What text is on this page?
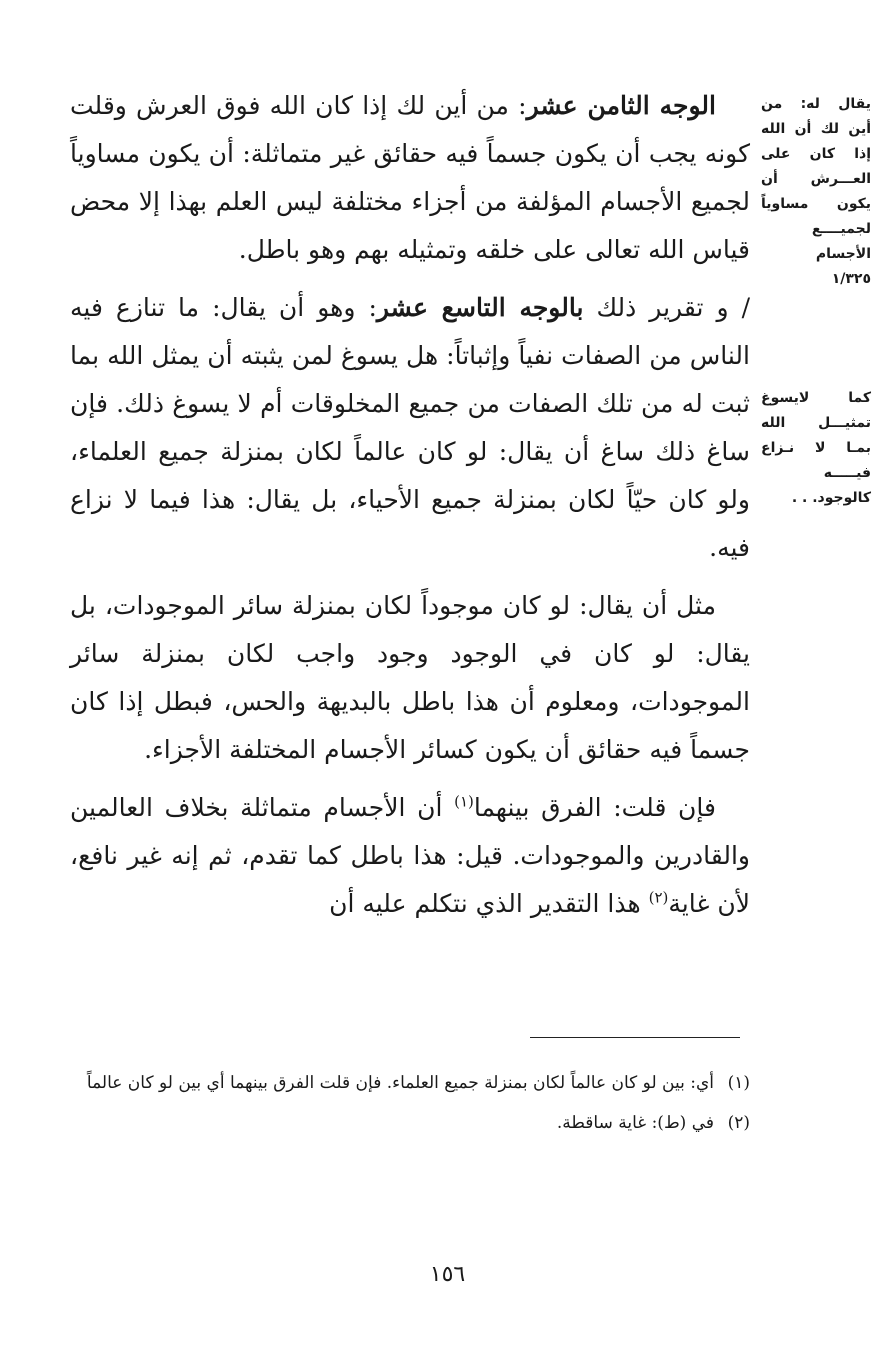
يقال له: من أين لك أن الله إذا كان على العـــرش أن يكون مساوياً لجميــــع الأجسام
١/٣٢٥
كما لايسوغ تمثيـــل الله بمـا لا نـزاع فيـــــه كالوجود. . .

الوجه الثامن عشر: من أين لك إذا كان الله فوق العرش وقلت كونه يجب أن يكون جسماً فيه حقائق غير متماثلة: أن يكون مساوياً لجميع الأجسام المؤلفة من أجزاء مختلفة ليس العلم بهذا إلا محض قياس الله تعالى على خلقه وتمثيله بهم وهو باطل.

/ و تقرير ذلك بالوجه التاسع عشر: وهو أن يقال: ما تنازع فيه الناس من الصفات نفياً وإثباتاً: هل يسوغ لمن يثبته أن يمثل الله بما ثبت له من تلك الصفات من جميع المخلوقات أم لا يسوغ ذلك. فإن ساغ ذلك ساغ أن يقال: لو كان عالماً لكان بمنزلة جميع العلماء، ولو كان حيّاً لكان بمنزلة جميع الأحياء، بل يقال: هذا فيما لا نزاع فيه.

مثل أن يقال: لو كان موجوداً لكان بمنزلة سائر الموجودات، بل يقال: لو كان في الوجود وجود واجب لكان بمنزلة سائر الموجودات، ومعلوم أن هذا باطل بالبديهة والحس، فبطل إذا كان جسماً فيه حقائق أن يكون كسائر الأجسام المختلفة الأجزاء.

فإن قلت: الفرق بينهما$^{(١)}$ أن الأجسام متماثلة بخلاف العالمين والقادرين والموجودات. قيل: هذا باطل كما تقدم، ثم إنه غير نافع، لأن غاية$^{(٢)}$ هذا التقدير الذي نتكلم عليه أن

(١)
أي: بين لو كان عالماً لكان بمنزلة جميع العلماء. فإن قلت الفرق بينهما أي بين لو كان عالماً
(٢)
في (ط): غاية ساقطة.
١٥٦
